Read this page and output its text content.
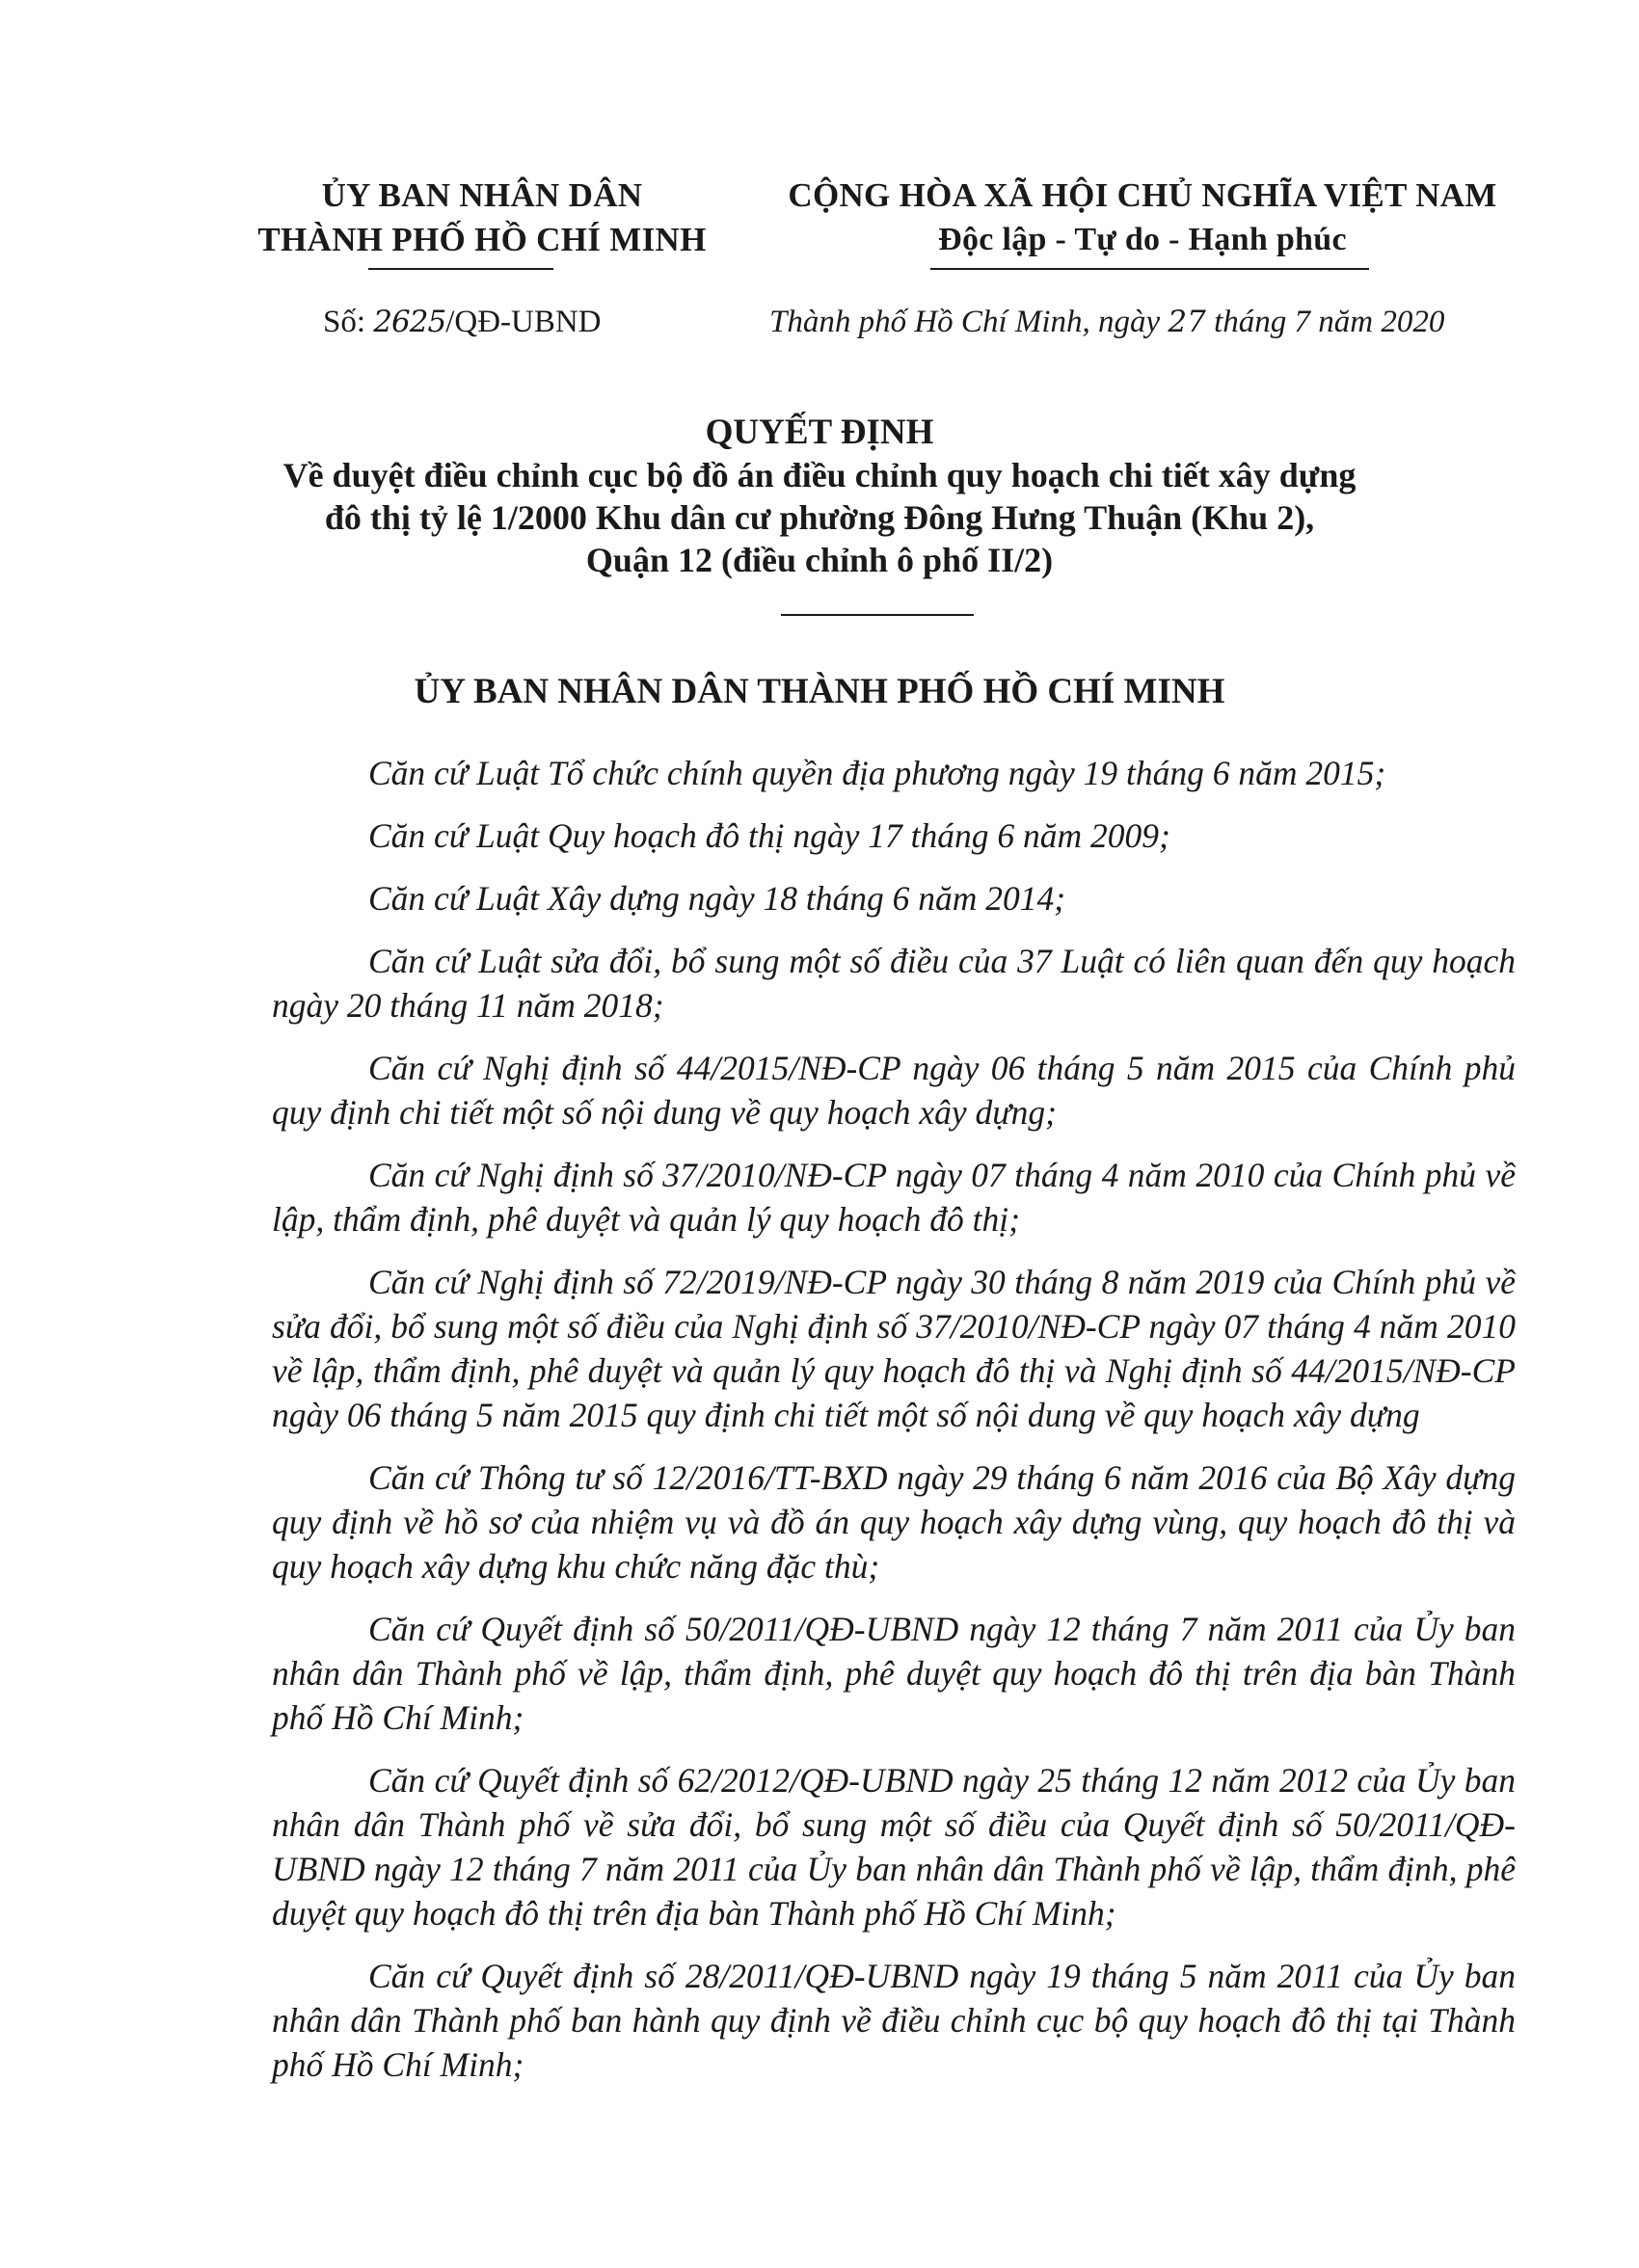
ỦY BAN NHÂN DÂN
THÀNH PHỐ HỒ CHÍ MINH
CỘNG HÒA XÃ HỘI CHỦ NGHĨA VIỆT NAM
Độc lập - Tự do - Hạnh phúc
Số: 2625/QĐ-UBND	Thành phố Hồ Chí Minh, ngày 27 tháng 7 năm 2020
QUYẾT ĐỊNH
Về duyệt điều chỉnh cục bộ đồ án điều chỉnh quy hoạch chi tiết xây dựng
đô thị tỷ lệ 1/2000 Khu dân cư phường Đông Hưng Thuận (Khu 2),
Quận 12 (điều chỉnh ô phố II/2)
ỦY BAN NHÂN DÂN THÀNH PHỐ HỒ CHÍ MINH

Căn cứ Luật Tổ chức chính quyền địa phương ngày 19 tháng 6 năm 2015;

Căn cứ Luật Quy hoạch đô thị ngày 17 tháng 6 năm 2009;

Căn cứ Luật Xây dựng ngày 18 tháng 6 năm 2014;

Căn cứ Luật sửa đổi, bổ sung một số điều của 37 Luật có liên quan đến quy hoạch ngày 20 tháng 11 năm 2018;

Căn cứ Nghị định số 44/2015/NĐ-CP ngày 06 tháng 5 năm 2015 của Chính phủ quy định chi tiết một số nội dung về quy hoạch xây dựng;

Căn cứ Nghị định số 37/2010/NĐ-CP ngày 07 tháng 4 năm 2010 của Chính phủ về lập, thẩm định, phê duyệt và quản lý quy hoạch đô thị;

Căn cứ Nghị định số 72/2019/NĐ-CP ngày 30 tháng 8 năm 2019 của Chính phủ về sửa đổi, bổ sung một số điều của Nghị định số 37/2010/NĐ-CP ngày 07 tháng 4 năm 2010 về lập, thẩm định, phê duyệt và quản lý quy hoạch đô thị và Nghị định số 44/2015/NĐ-CP ngày 06 tháng 5 năm 2015 quy định chi tiết một số nội dung về quy hoạch xây dựng

Căn cứ Thông tư số 12/2016/TT-BXD ngày 29 tháng 6 năm 2016 của Bộ Xây dựng quy định về hồ sơ của nhiệm vụ và đồ án quy hoạch xây dựng vùng, quy hoạch đô thị và quy hoạch xây dựng khu chức năng đặc thù;

Căn cứ Quyết định số 50/2011/QĐ-UBND ngày 12 tháng 7 năm 2011 của Ủy ban nhân dân Thành phố về lập, thẩm định, phê duyệt quy hoạch đô thị trên địa bàn Thành phố Hồ Chí Minh;

Căn cứ Quyết định số 62/2012/QĐ-UBND ngày 25 tháng 12 năm 2012 của Ủy ban nhân dân Thành phố về sửa đổi, bổ sung một số điều của Quyết định số 50/2011/QĐ-UBND ngày 12 tháng 7 năm 2011 của Ủy ban nhân dân Thành phố về lập, thẩm định, phê duyệt quy hoạch đô thị trên địa bàn Thành phố Hồ Chí Minh;

Căn cứ Quyết định số 28/2011/QĐ-UBND ngày 19 tháng 5 năm 2011 của Ủy ban nhân dân Thành phố ban hành quy định về điều chỉnh cục bộ quy hoạch đô thị tại Thành phố Hồ Chí Minh;
